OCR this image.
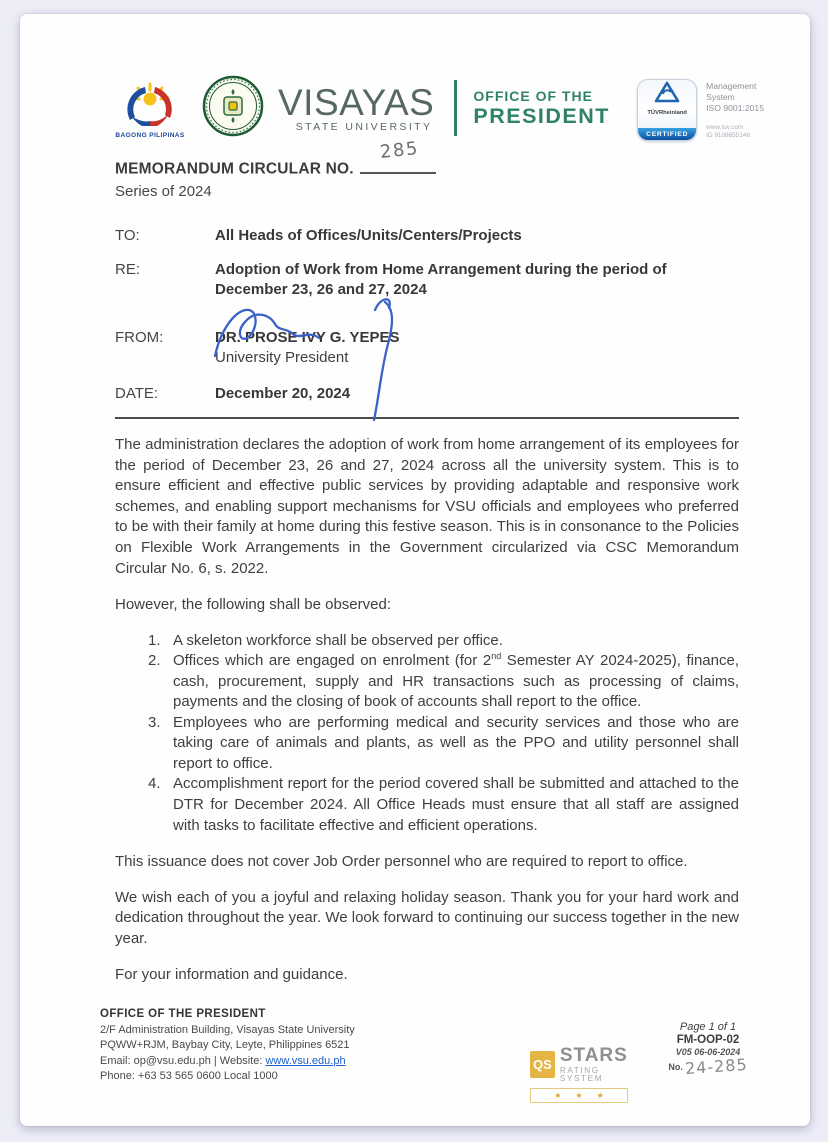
BAGONG PILIPINAS
VISAYAS
STATE UNIVERSITY
OFFICE OF THE
PRESIDENT	TÜVRheinland
CERTIFIED
Management
System
ISO 9001:2015
www.tuv.com
ID 9108655146
MEMORANDUM CIRCULAR NO.
285
Series of 2024
TO:	All Heads of Offices/Units/Centers/Projects
RE:	Adoption of Work from Home Arrangement during the period of December 23, 26 and 27, 2024
FROM:	DR. PROSE IVY G. YEPES
University President
DATE:	December 20, 2024

The administration declares the adoption of work from home arrangement of its employees for the period of December 23, 26 and 27, 2024 across all the university system. This is to ensure efficient and effective public services by providing adaptable and responsive work schemes, and enabling support mechanisms for VSU officials and employees who preferred to be with their family at home during this festive season. This is in consonance to the Policies on Flexible Work Arrangements in the Government circularized via CSC Memorandum Circular No. 6, s. 2022.

However, the following shall be observed:

1. A skeleton workforce shall be observed per office.
2. Offices which are engaged on enrolment (for 2nd Semester AY 2024-2025), finance, cash, procurement, supply and HR transactions such as processing of claims, payments and the closing of book of accounts shall report to the office.
3. Employees who are performing medical and security services and those who are taking care of animals and plants, as well as the PPO and utility personnel shall report to office.
4. Accomplishment report for the period covered shall be submitted and attached to the DTR for December 2024. All Office Heads must ensure that all staff are assigned with tasks to facilitate effective and efficient operations.

This issuance does not cover Job Order personnel who are required to report to office.

We wish each of you a joyful and relaxing holiday season. Thank you for your hard work and dedication throughout the year. We look forward to continuing our success together in the new year.

For your information and guidance.

OFFICE OF THE PRESIDENT
2/F Administration Building, Visayas State University
PQWW+RJM, Baybay City, Leyte, Philippines 6521
Email: op@vsu.edu.ph | Website: www.vsu.edu.ph
Phone: +63 53 565 0600 Local 1000
QS STARS
RATING SYSTEM
★ ★ ★
Page 1 of 1
FM-OOP-02
V05 06-06-2024
No. 24-285
